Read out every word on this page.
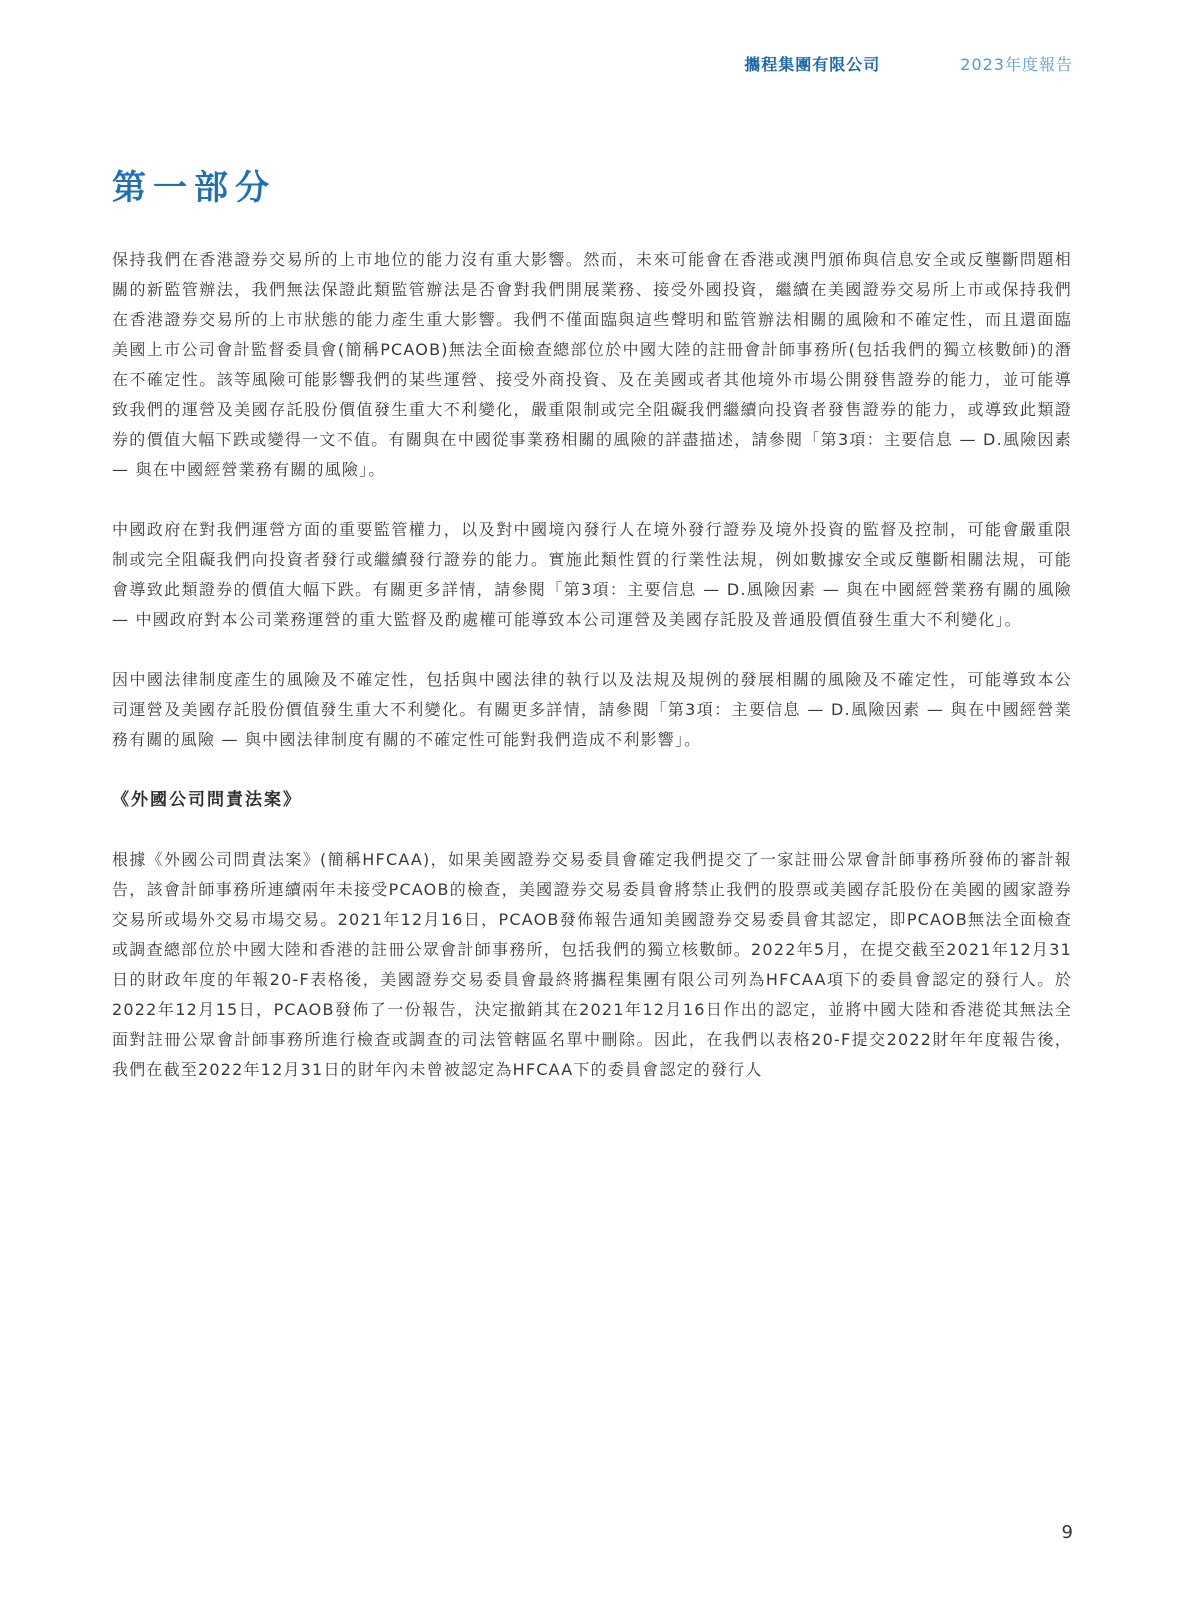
攜程集團有限公司	2023年度報告
第一部分

保持我們在香港證券交易所的上市地位的能力沒有重大影響。然而，未來可能會在香港或澳門頒佈與信息安全或反壟斷問題相關的新監管辦法，我們無法保證此類監管辦法是否會對我們開展業務、接受外國投資，繼續在美國證券交易所上市或保持我們在香港證券交易所的上市狀態的能力產生重大影響。我們不僅面臨與這些聲明和監管辦法相關的風險和不確定性，而且還面臨美國上市公司會計監督委員會(簡稱PCAOB)無法全面檢查總部位於中國大陸的註冊會計師事務所(包括我們的獨立核數師)的潛在不確定性。該等風險可能影響我們的某些運營、接受外商投資、及在美國或者其他境外市場公開發售證券的能力，並可能導致我們的運營及美國存託股份價值發生重大不利變化，嚴重限制或完全阻礙我們繼續向投資者發售證券的能力，或導致此類證券的價值大幅下跌或變得一文不值。有關與在中國從事業務相關的風險的詳盡描述，請參閱「第3項：主要信息 — D.風險因素 — 與在中國經營業務有關的風險」。

中國政府在對我們運營方面的重要監管權力，以及對中國境內發行人在境外發行證券及境外投資的監督及控制，可能會嚴重限制或完全阻礙我們向投資者發行或繼續發行證券的能力。實施此類性質的行業性法規，例如數據安全或反壟斷相關法規，可能會導致此類證券的價值大幅下跌。有關更多詳情，請參閱「第3項：主要信息 — D.風險因素 — 與在中國經營業務有關的風險 — 中國政府對本公司業務運營的重大監督及酌處權可能導致本公司運營及美國存託股及普通股價值發生重大不利變化」。

因中國法律制度產生的風險及不確定性，包括與中國法律的執行以及法規及規例的發展相關的風險及不確定性，可能導致本公司運營及美國存託股份價值發生重大不利變化。有關更多詳情，請參閱「第3項：主要信息 — D.風險因素 — 與在中國經營業務有關的風險 — 與中國法律制度有關的不確定性可能對我們造成不利影響」。

《外國公司問責法案》

根據《外國公司問責法案》(簡稱HFCAA)，如果美國證券交易委員會確定我們提交了一家註冊公眾會計師事務所發佈的審計報告，該會計師事務所連續兩年未接受PCAOB的檢查，美國證券交易委員會將禁止我們的股票或美國存託股份在美國的國家證券交易所或場外交易市場交易。2021年12月16日，PCAOB發佈報告通知美國證券交易委員會其認定，即PCAOB無法全面檢查或調查總部位於中國大陸和香港的註冊公眾會計師事務所，包括我們的獨立核數師。2022年5月，在提交截至2021年12月31日的財政年度的年報20-F表格後，美國證券交易委員會最終將攜程集團有限公司列為HFCAA項下的委員會認定的發行人。於2022年12月15日，PCAOB發佈了一份報告，決定撤銷其在2021年12月16日作出的認定，並將中國大陸和香港從其無法全面對註冊公眾會計師事務所進行檢查或調查的司法管轄區名單中刪除。因此，在我們以表格20-F提交2022財年年度報告後，我們在截至2022年12月31日的財年內未曾被認定為HFCAA下的委員會認定的發行人

9
